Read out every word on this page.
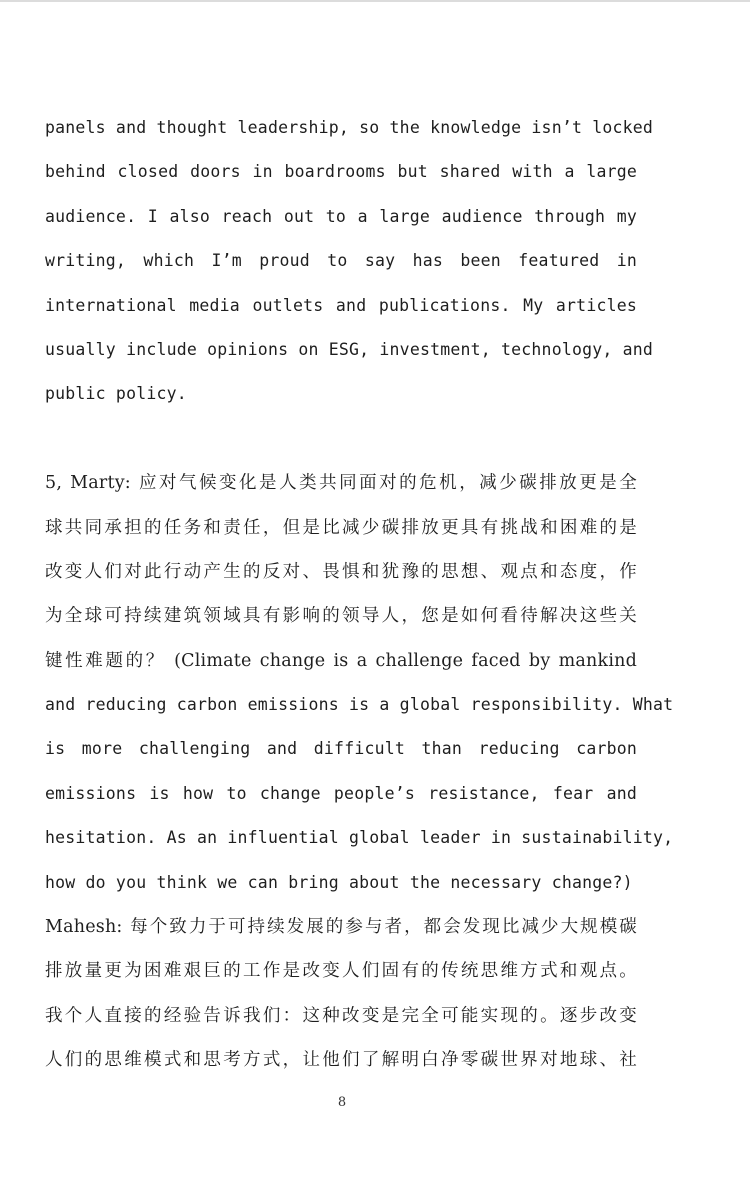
panels and thought leadership, so the knowledge isn’t locked
behind closed doors in boardrooms but shared with a large
audience. I also reach out to a large audience through my
writing, which I’m proud to say has been featured in
international media outlets and publications. My articles
usually include opinions on ESG, investment, technology, and
public policy.
5, Marty: 应对气候变化是人类共同面对的危机，减少碳排放更是全
球共同承担的任务和责任，但是比减少碳排放更具有挑战和困难的是
改变人们对此行动产生的反对、畏惧和犹豫的思想、观点和态度，作
为全球可持续建筑领域具有影响的领导人，您是如何看待解决这些关
键性难题的？ (Climate change is a challenge faced by mankind
and reducing carbon emissions is a global responsibility. What
is more challenging and difficult than reducing carbon
emissions is how to change people’s resistance, fear and
hesitation. As an influential global leader in sustainability,
how do you think we can bring about the necessary change?)
Mahesh: 每个致力于可持续发展的参与者，都会发现比减少大规模碳
排放量更为困难艰巨的工作是改变人们固有的传统思维方式和观点。
我个人直接的经验告诉我们：这种改变是完全可能实现的。逐步改变
人们的思维模式和思考方式，让他们了解明白净零碳世界对地球、社
8
